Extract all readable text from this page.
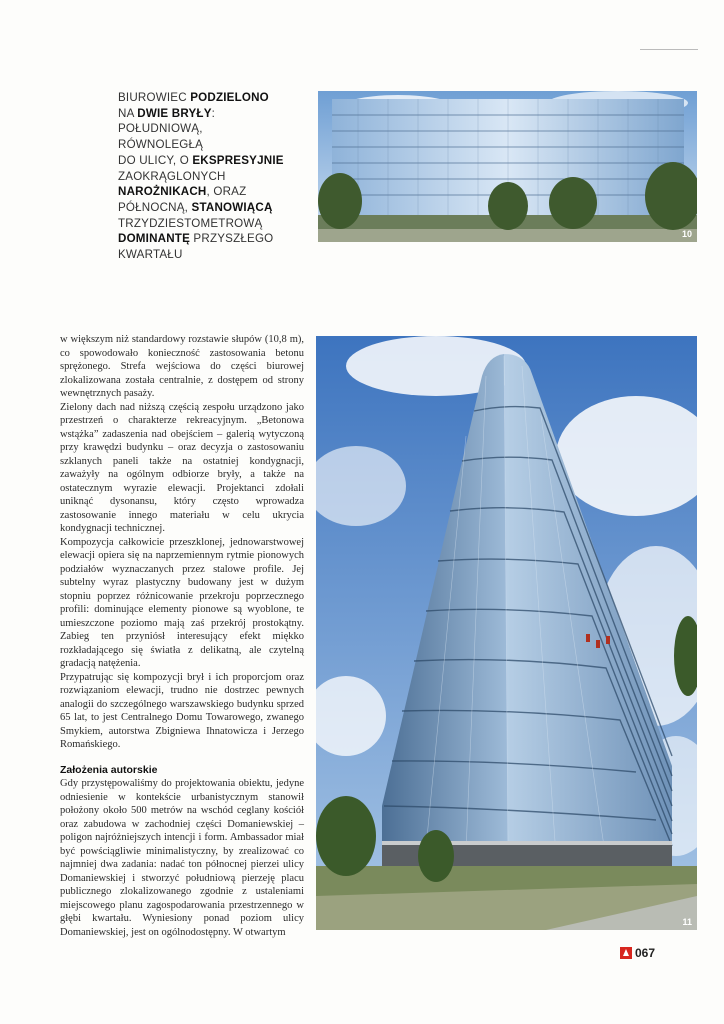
BIUROWIEC PODZIELONO
NA DWIE BRYŁY:
POŁUDNIOWĄ, RÓWNOLEGŁĄ
DO ULICY, O EKSPRESYJNIE
ZAOKRĄGLONYCH
NAROŻNIKACH, ORAZ
PÓŁNOCNĄ, STANOWIĄCĄ
TRZYDZIESTOMETROWĄ
DOMINANTĘ PRZYSZŁEGO
KWARTAŁU
10

w większym niż standardowy rozstawie słupów (10,8 m), co spowodowało konieczność zastosowania betonu sprężonego. Strefa wejściowa do części biurowej zlokalizowana została centralnie, z dostępem od strony wewnętrznych pasaży.

Zielony dach nad niższą częścią zespołu urządzono jako przestrzeń o charakterze rekreacyjnym. „Betonowa wstążka” zadaszenia nad obejściem – galerią wytyczoną przy krawędzi budynku – oraz decyzja o zastosowaniu szklanych paneli także na ostatniej kondygnacji, zaważyły na ogólnym odbiorze bryły, a także na ostatecznym wyrazie elewacji. Projektanci zdołali uniknąć dysonansu, który często wprowadza zastosowanie innego materiału w celu ukrycia kondygnacji technicznej.

Kompozycja całkowicie przeszklonej, jednowarstwowej elewacji opiera się na naprzemiennym rytmie pionowych podziałów wyznaczanych przez stalowe profile. Jej subtelny wyraz plastyczny budowany jest w dużym stopniu poprzez różnicowanie przekroju poprzecznego profili: dominujące elementy pionowe są wyoblone, te umieszczone poziomo mają zaś przekrój prostokątny. Zabieg ten przyniósł interesujący efekt miękko rozkładającego się światła z delikatną, ale czytelną gradacją natężenia.

Przypatrując się kompozycji brył i ich proporcjom oraz rozwiązaniom elewacji, trudno nie dostrzec pewnych analogii do szczególnego warszawskiego budynku sprzed 65 lat, to jest Centralnego Domu Towarowego, zwanego Smykiem, autorstwa Zbigniewa Ihnatowicza i Jerzego Romańskiego.

Założenia autorskie

Gdy przystępowaliśmy do projektowania obiektu, jedyne odniesienie w kontekście urbanistycznym stanowił położony około 500 metrów na wschód ceglany kościół oraz zabudowa w zachodniej części Domaniewskiej – poligon najróżniejszych intencji i form. Ambassador miał być powściągliwie minimalistyczny, by zrealizować co najmniej dwa zadania: nadać ton północnej pierzei ulicy Domaniewskiej i stworzyć południową pierzeję placu publicznego zlokalizowanego zgodnie z ustaleniami miejscowego planu zagospodarowania przestrzennego w głębi kwartału. Wyniesiony ponad poziom ulicy Domaniewskiej, jest on ogólnodostępny. W otwartym

11
067
